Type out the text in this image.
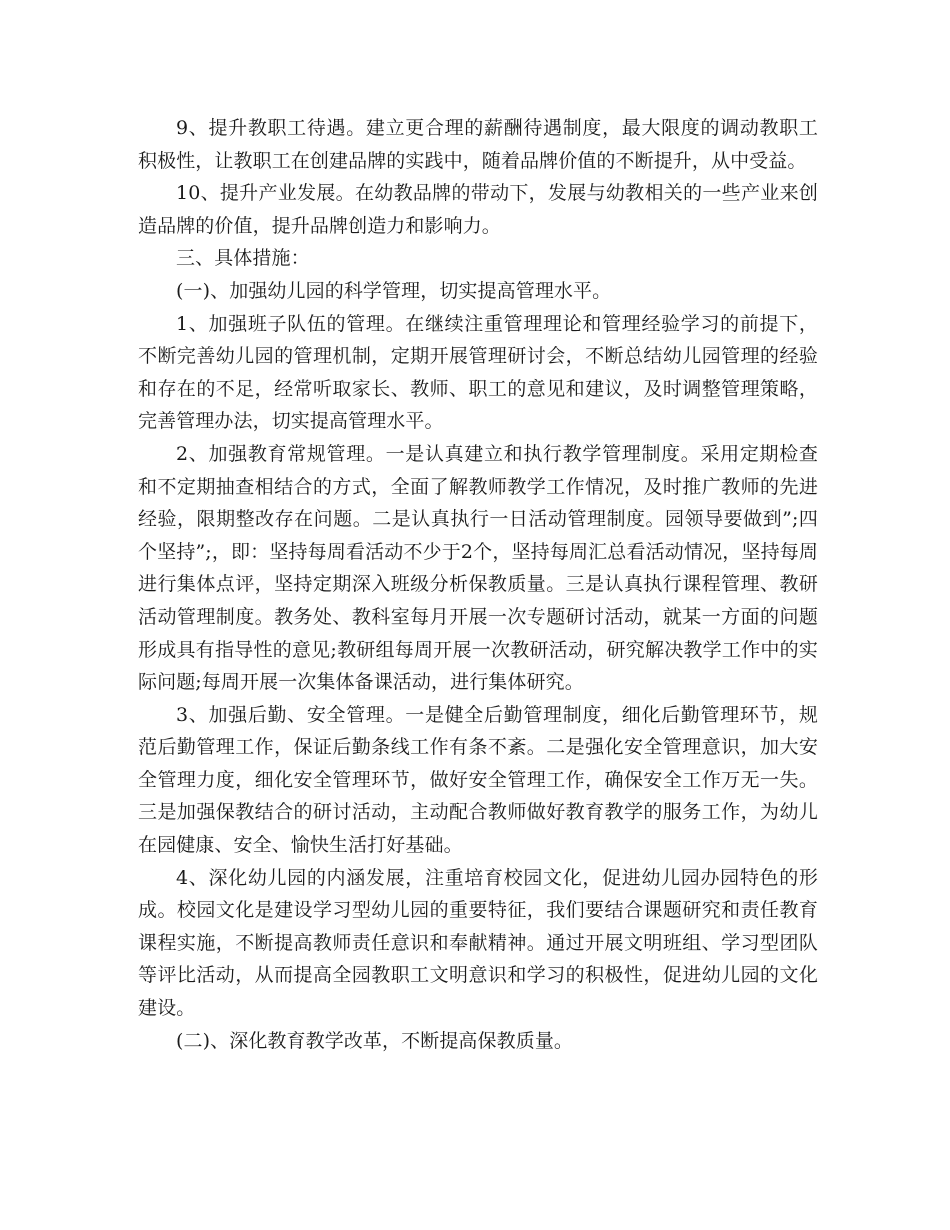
9、提升教职工待遇。建立更合理的薪酬待遇制度，最大限度的调动教职工积极性，让教职工在创建品牌的实践中，随着品牌价值的不断提升，从中受益。

10、提升产业发展。在幼教品牌的带动下，发展与幼教相关的一些产业来创造品牌的价值，提升品牌创造力和影响力。

三、具体措施：

(一)、加强幼儿园的科学管理，切实提高管理水平。

1、加强班子队伍的管理。在继续注重管理理论和管理经验学习的前提下，不断完善幼儿园的管理机制，定期开展管理研讨会，不断总结幼儿园管理的经验和存在的不足，经常听取家长、教师、职工的意见和建议，及时调整管理策略，完善管理办法，切实提高管理水平。

2、加强教育常规管理。一是认真建立和执行教学管理制度。采用定期检查和不定期抽查相结合的方式，全面了解教师教学工作情况，及时推广教师的先进经验，限期整改存在问题。二是认真执行一日活动管理制度。园领导要做到”;四个坚持”;，即：坚持每周看活动不少于2个，坚持每周汇总看活动情况，坚持每周进行集体点评，坚持定期深入班级分析保教质量。三是认真执行课程管理、教研活动管理制度。教务处、教科室每月开展一次专题研讨活动，就某一方面的问题形成具有指导性的意见;教研组每周开展一次教研活动，研究解决教学工作中的实际问题;每周开展一次集体备课活动，进行集体研究。

3、加强后勤、安全管理。一是健全后勤管理制度，细化后勤管理环节，规范后勤管理工作，保证后勤条线工作有条不紊。二是强化安全管理意识，加大安全管理力度，细化安全管理环节，做好安全管理工作，确保安全工作万无一失。三是加强保教结合的研讨活动，主动配合教师做好教育教学的服务工作，为幼儿在园健康、安全、愉快生活打好基础。

4、深化幼儿园的内涵发展，注重培育校园文化，促进幼儿园办园特色的形成。校园文化是建设学习型幼儿园的重要特征，我们要结合课题研究和责任教育课程实施，不断提高教师责任意识和奉献精神。通过开展文明班组、学习型团队等评比活动，从而提高全园教职工文明意识和学习的积极性，促进幼儿园的文化建设。

(二)、深化教育教学改革，不断提高保教质量。
